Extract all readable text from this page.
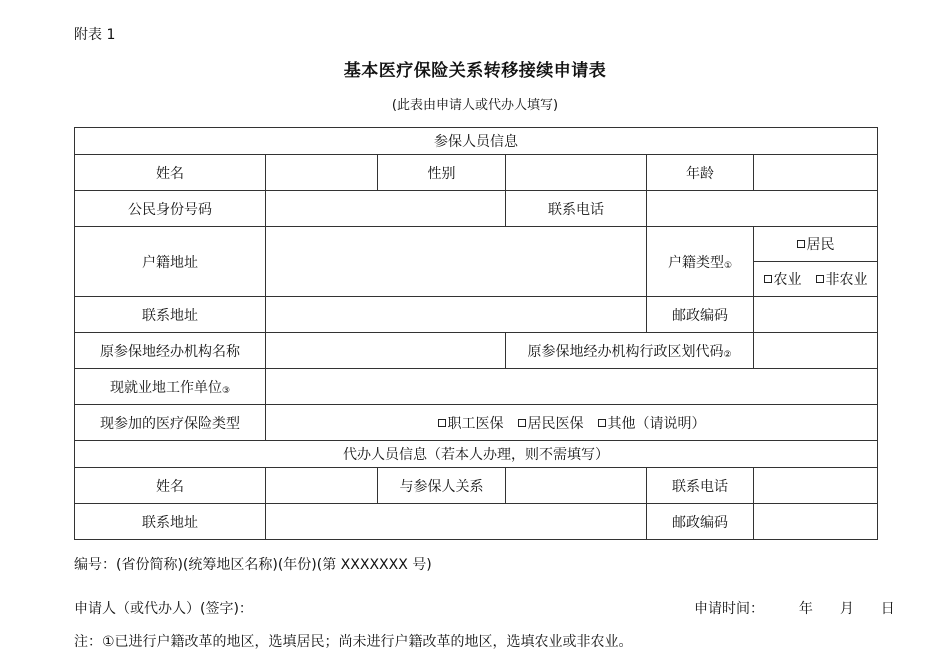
附表 1
基本医疗保险关系转移接续申请表
(此表由申请人或代办人填写)
参保人员信息					
姓名		性别		年龄	
公民身份号码			联系电话		
户籍地址				户籍类型①	居民
					农业 非农业
联系地址				邮政编码	
原参保地经办机构名称			原参保地经办机构行政区划代码②		
现就业地工作单位③					
现参加的医疗保险类型	职工医保 居民医保 其他（请说明）				
代办人员信息（若本人办理，则不需填写）					
姓名		与参保人关系		联系电话	
联系地址				邮政编码	
编号：(省份简称)(统筹地区名称)(年份)(第 XXXXXXX 号)
申请人（或代办人）(签字)：	申请时间： 年 月 日
注：①已进行户籍改革的地区，选填居民；尚未进行户籍改革的地区，选填农业或非农业。
